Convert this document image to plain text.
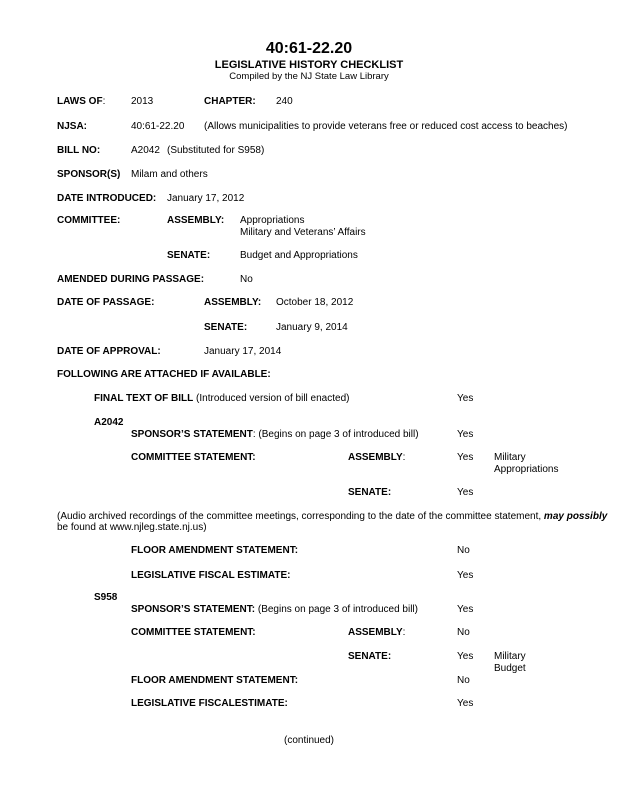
40:61-22.20
LEGISLATIVE HISTORY CHECKLIST
Compiled by the NJ State Law Library
LAWS OF:	2013	CHAPTER: 240
NJSA:	40:61-22.20 (Allows municipalities to provide veterans free or reduced cost access to beaches)
BILL NO:	A2042 (Substituted for S958)
SPONSOR(S) Milam and others
DATE INTRODUCED: January 17, 2012
COMMITTEE:	ASSEMBLY: Appropriations
Military and Veterans’ Affairs
SENATE:	Budget and Appropriations
AMENDED DURING PASSAGE:	No
DATE OF PASSAGE:	ASSEMBLY: October 18, 2012
SENATE:	January 9, 2014
DATE OF APPROVAL:	January 17, 2014
FOLLOWING ARE ATTACHED IF AVAILABLE:
FINAL TEXT OF BILL (Introduced version of bill enacted)	Yes
A2042
SPONSOR’S STATEMENT: (Begins on page 3 of introduced bill)	Yes
COMMITTEE STATEMENT:	ASSEMBLY:	Yes Military
Appropriations
SENATE:	Yes
(Audio archived recordings of the committee meetings, corresponding to the date of the committee statement, may possibly
be found at www.njleg.state.nj.us)
FLOOR AMENDMENT STATEMENT:	No
LEGISLATIVE FISCAL ESTIMATE:	Yes
S958
SPONSOR’S STATEMENT: (Begins on page 3 of introduced bill)	Yes
COMMITTEE STATEMENT:	ASSEMBLY:	No
SENATE:	Yes Military
Budget
FLOOR AMENDMENT STATEMENT:	No
LEGISLATIVE FISCALESTIMATE:	Yes
(continued)
